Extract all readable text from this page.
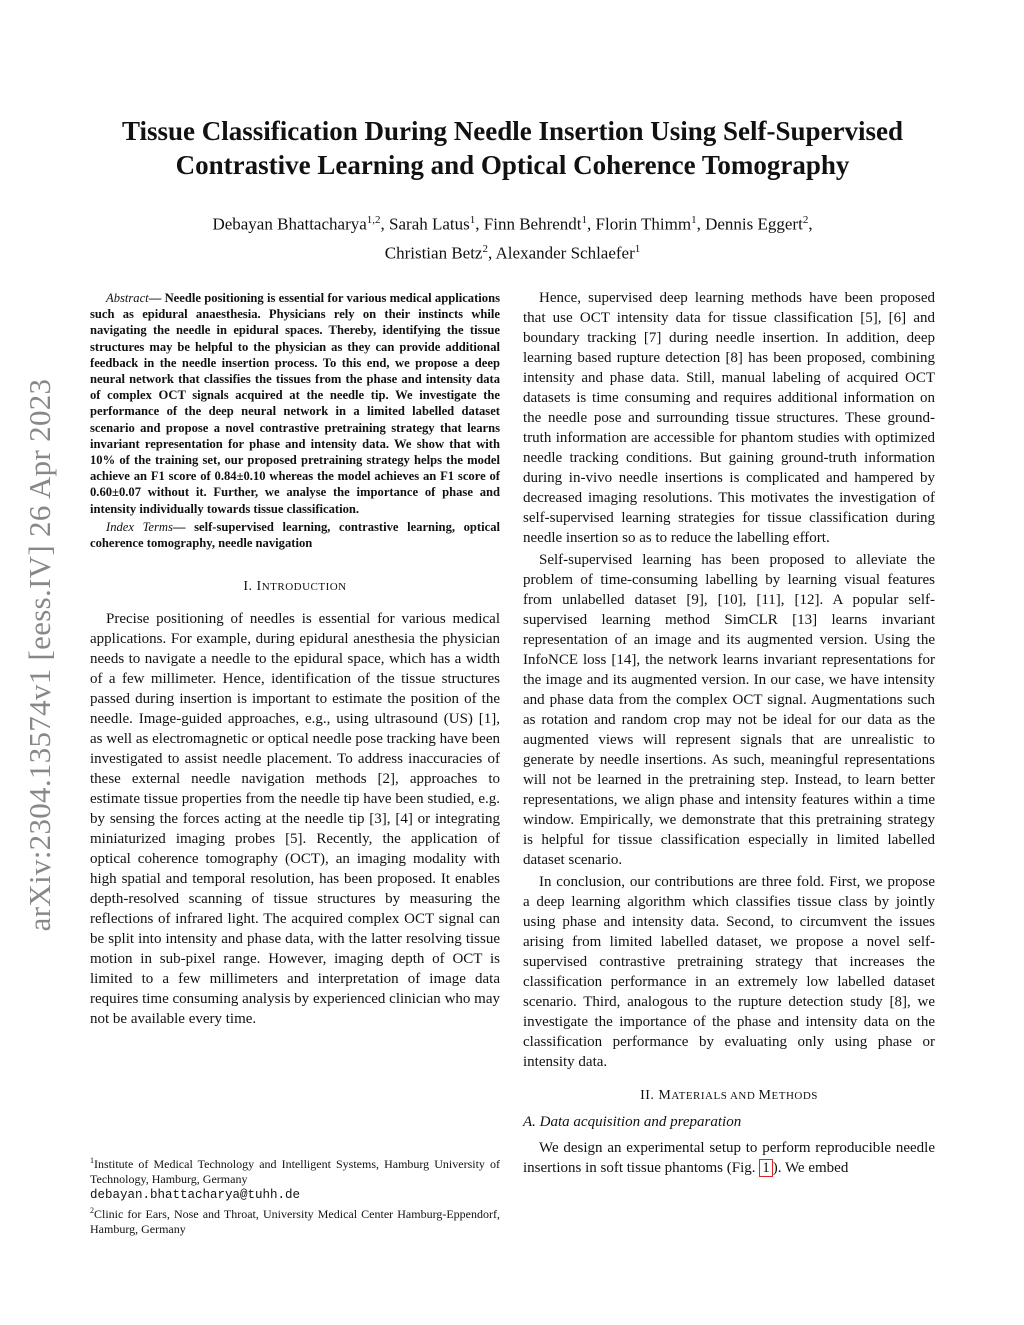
arXiv:2304.13574v1 [eess.IV] 26 Apr 2023
Tissue Classification During Needle Insertion Using Self-Supervised Contrastive Learning and Optical Coherence Tomography
Debayan Bhattacharya$^{1,2}$, Sarah Latus$^1$, Finn Behrendt$^1$, Florin Thimm$^1$, Dennis Eggert$^2$,
Christian Betz$^2$, Alexander Schlaefer$^1$

Abstract— Needle positioning is essential for various medical applications such as epidural anaesthesia. Physicians rely on their instincts while navigating the needle in epidural spaces. Thereby, identifying the tissue structures may be helpful to the physician as they can provide additional feedback in the needle insertion process. To this end, we propose a deep neural network that classifies the tissues from the phase and intensity data of complex OCT signals acquired at the needle tip. We investigate the performance of the deep neural network in a limited labelled dataset scenario and propose a novel contrastive pretraining strategy that learns invariant representation for phase and intensity data. We show that with 10% of the training set, our proposed pretraining strategy helps the model achieve an F1 score of 0.84±0.10 whereas the model achieves an F1 score of 0.60±0.07 without it. Further, we analyse the importance of phase and intensity individually towards tissue classification.

Index Terms— self-supervised learning, contrastive learning, optical coherence tomography, needle navigation

I. INTRODUCTION

Precise positioning of needles is essential for various medical applications. For example, during epidural anesthesia the physician needs to navigate a needle to the epidural space, which has a width of a few millimeter. Hence, identification of the tissue structures passed during insertion is important to estimate the position of the needle. Image-guided approaches, e.g., using ultrasound (US) [1], as well as electromagnetic or optical needle pose tracking have been investigated to assist needle placement. To address inaccuracies of these external needle navigation methods [2], approaches to estimate tissue properties from the needle tip have been studied, e.g. by sensing the forces acting at the needle tip [3], [4] or integrating miniaturized imaging probes [5]. Recently, the application of optical coherence tomography (OCT), an imaging modality with high spatial and temporal resolution, has been proposed. It enables depth-resolved scanning of tissue structures by measuring the reflections of infrared light. The acquired complex OCT signal can be split into intensity and phase data, with the latter resolving tissue motion in sub-pixel range. However, imaging depth of OCT is limited to a few millimeters and interpretation of image data requires time consuming analysis by experienced clinician who may not be available every time.

$^1$Institute of Medical Technology and Intelligent Systems, Hamburg University of Technology, Hamburg, Germany
debayan.bhattacharya@tuhh.de

$^2$Clinic for Ears, Nose and Throat, University Medical Center Hamburg-Eppendorf, Hamburg, Germany

Hence, supervised deep learning methods have been proposed that use OCT intensity data for tissue classification [5], [6] and boundary tracking [7] during needle insertion. In addition, deep learning based rupture detection [8] has been proposed, combining intensity and phase data. Still, manual labeling of acquired OCT datasets is time consuming and requires additional information on the needle pose and surrounding tissue structures. These ground-truth information are accessible for phantom studies with optimized needle tracking conditions. But gaining ground-truth information during in-vivo needle insertions is complicated and hampered by decreased imaging resolutions. This motivates the investigation of self-supervised learning strategies for tissue classification during needle insertion so as to reduce the labelling effort.

Self-supervised learning has been proposed to alleviate the problem of time-consuming labelling by learning visual features from unlabelled dataset [9], [10], [11], [12]. A popular self-supervised learning method SimCLR [13] learns invariant representation of an image and its augmented version. Using the InfoNCE loss [14], the network learns invariant representations for the image and its augmented version. In our case, we have intensity and phase data from the complex OCT signal. Augmentations such as rotation and random crop may not be ideal for our data as the augmented views will represent signals that are unrealistic to generate by needle insertions. As such, meaningful representations will not be learned in the pretraining step. Instead, to learn better representations, we align phase and intensity features within a time window. Empirically, we demonstrate that this pretraining strategy is helpful for tissue classification especially in limited labelled dataset scenario.

In conclusion, our contributions are three fold. First, we propose a deep learning algorithm which classifies tissue class by jointly using phase and intensity data. Second, to circumvent the issues arising from limited labelled dataset, we propose a novel self-supervised contrastive pretraining strategy that increases the classification performance in an extremely low labelled dataset scenario. Third, analogous to the rupture detection study [8], we investigate the importance of the phase and intensity data on the classification performance by evaluating only using phase or intensity data.

II. MATERIALS AND METHODS
A. Data acquisition and preparation

We design an experimental setup to perform reproducible needle insertions in soft tissue phantoms (Fig. 1 ). We embed
